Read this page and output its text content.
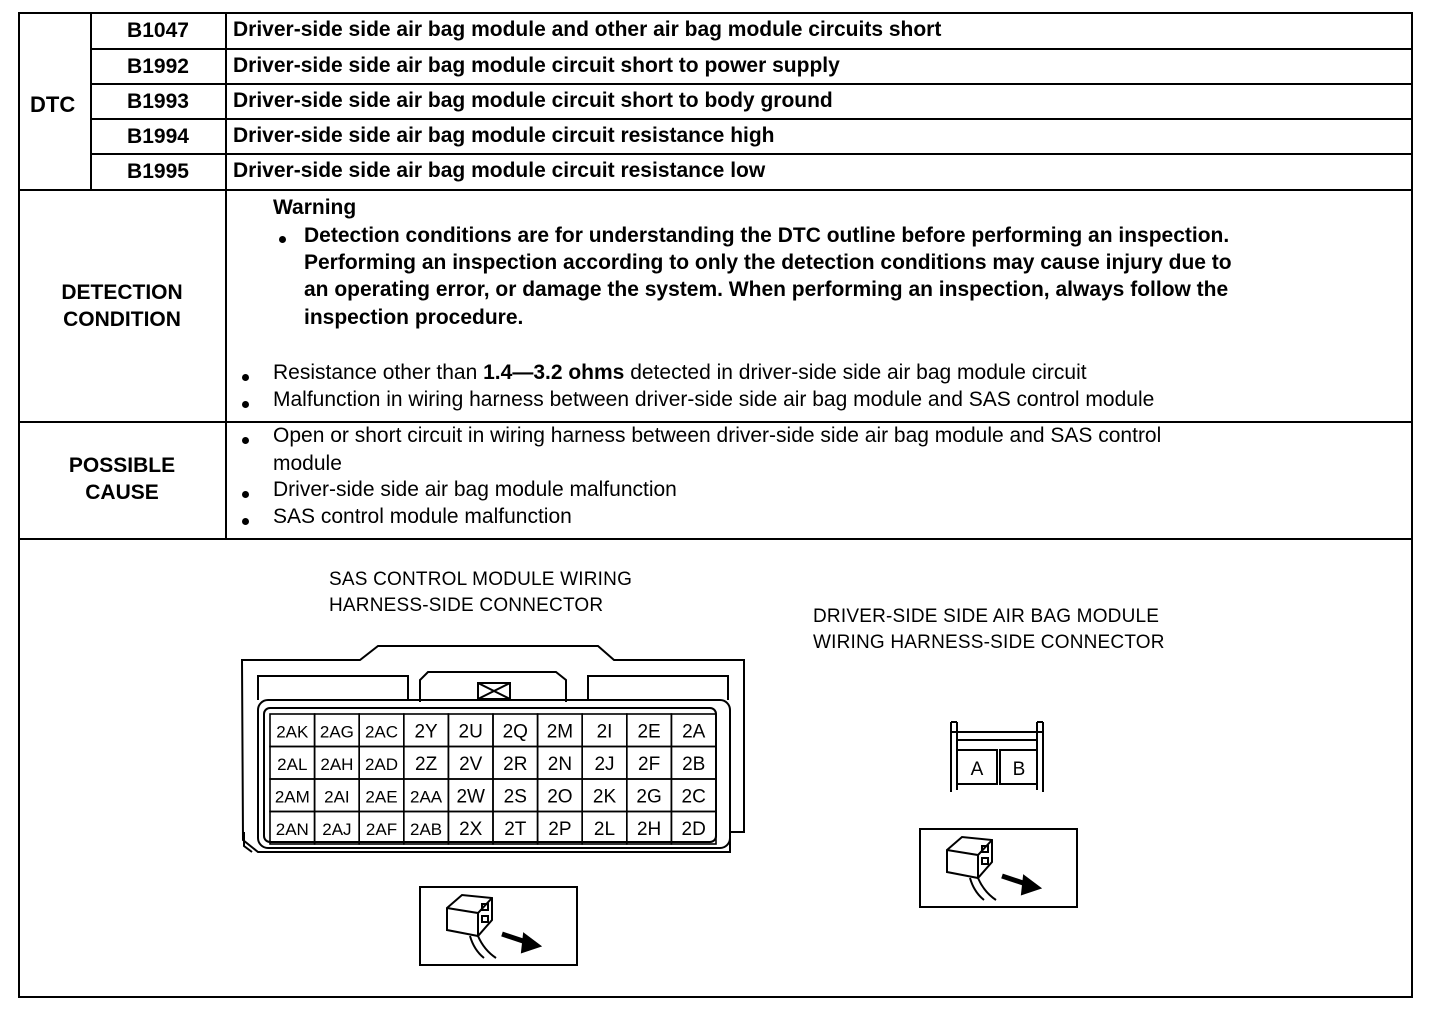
DTC
B1047	Driver-side side air bag module and other air bag module circuits short
B1992	Driver-side side air bag module circuit short to power supply
B1993	Driver-side side air bag module circuit short to body ground
B1994	Driver-side side air bag module circuit resistance high
B1995	Driver-side side air bag module circuit resistance low
DETECTION
CONDITION
Warning
Detection conditions are for understanding the DTC outline before performing an inspection.
Performing an inspection according to only the detection conditions may cause injury due to
an operating error, or damage the system. When performing an inspection, always follow the
inspection procedure.
Resistance other than 1.4—3.2 ohms detected in driver-side side air bag module circuit
Malfunction in wiring harness between driver-side side air bag module and SAS control module
POSSIBLE
CAUSE
Open or short circuit in wiring harness between driver-side side air bag module and SAS control
module
Driver-side side air bag module malfunction
SAS control module malfunction
SAS CONTROL MODULE WIRING
HARNESS-SIDE CONNECTOR
DRIVER-SIDE SIDE AIR BAG MODULE
WIRING HARNESS-SIDE CONNECTOR
2AK 2AG 2AC 2Y 2U 2Q 2M 2I 2E 2A
2AL 2AH 2AD 2Z 2V 2R 2N 2J 2F 2B
2AM 2AI 2AE 2AA 2W 2S 2O 2K 2G 2C
2AN 2AJ 2AF 2AB 2X 2T 2P 2L 2H 2D
A B
